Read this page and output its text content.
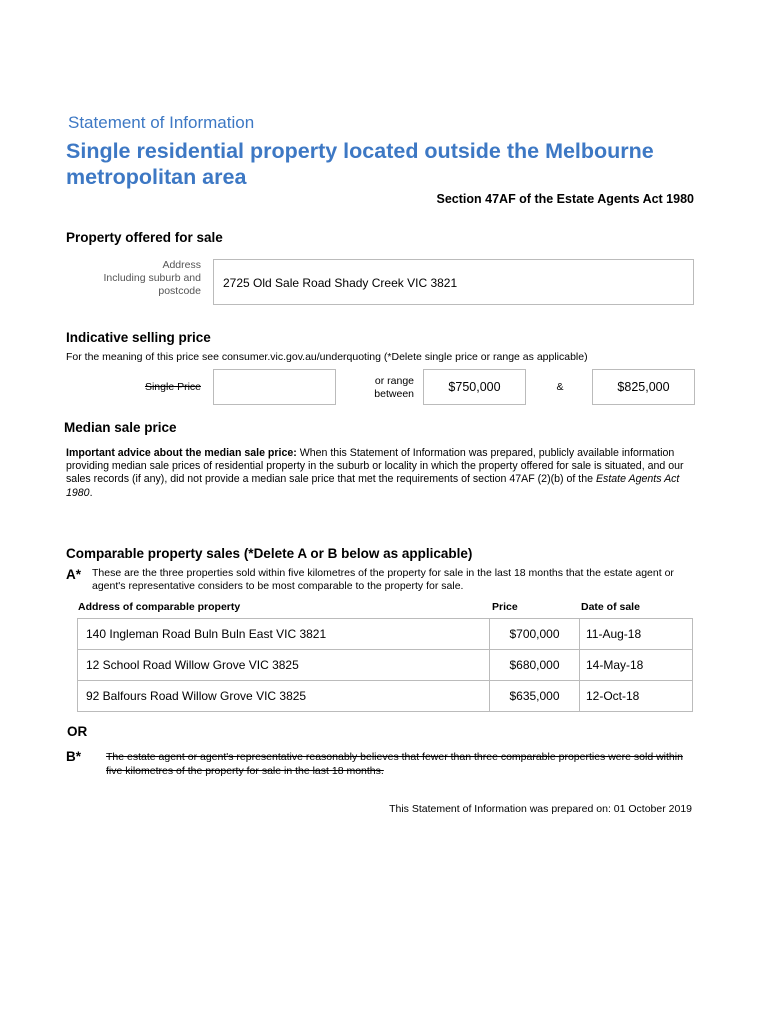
Statement of Information
Single residential property located outside the Melbourne metropolitan area
Section 47AF of the Estate Agents Act 1980
Property offered for sale
Address
Including suburb and
postcode
2725 Old Sale Road Shady Creek VIC 3821
Indicative selling price
For the meaning of this price see consumer.vic.gov.au/underquoting (*Delete single price or range as applicable)
Single Price	or range
between	$750,000	&	$825,000
Median sale price
Important advice about the median sale price: When this Statement of Information was prepared, publicly available information providing median sale prices of residential property in the suburb or locality in which the property offered for sale is situated, and our sales records (if any), did not provide a median sale price that met the requirements of section 47AF (2)(b) of the Estate Agents Act 1980.
Comparable property sales (*Delete A or B below as applicable)
A* These are the three properties sold within five kilometres of the property for sale in the last 18 months that the estate agent or agent's representative considers to be most comparable to the property for sale.
Address of comparable property	Price	Date of sale
140 Ingleman Road Buln Buln East VIC 3821	$700,000	11-Aug-18
12 School Road Willow Grove VIC 3825	$680,000	14-May-18
92 Balfours Road Willow Grove VIC 3825	$635,000	12-Oct-18
OR
B* The estate agent or agent's representative reasonably believes that fewer than three comparable properties were sold within five kilometres of the property for sale in the last 18 months.
This Statement of Information was prepared on: 01 October 2019
